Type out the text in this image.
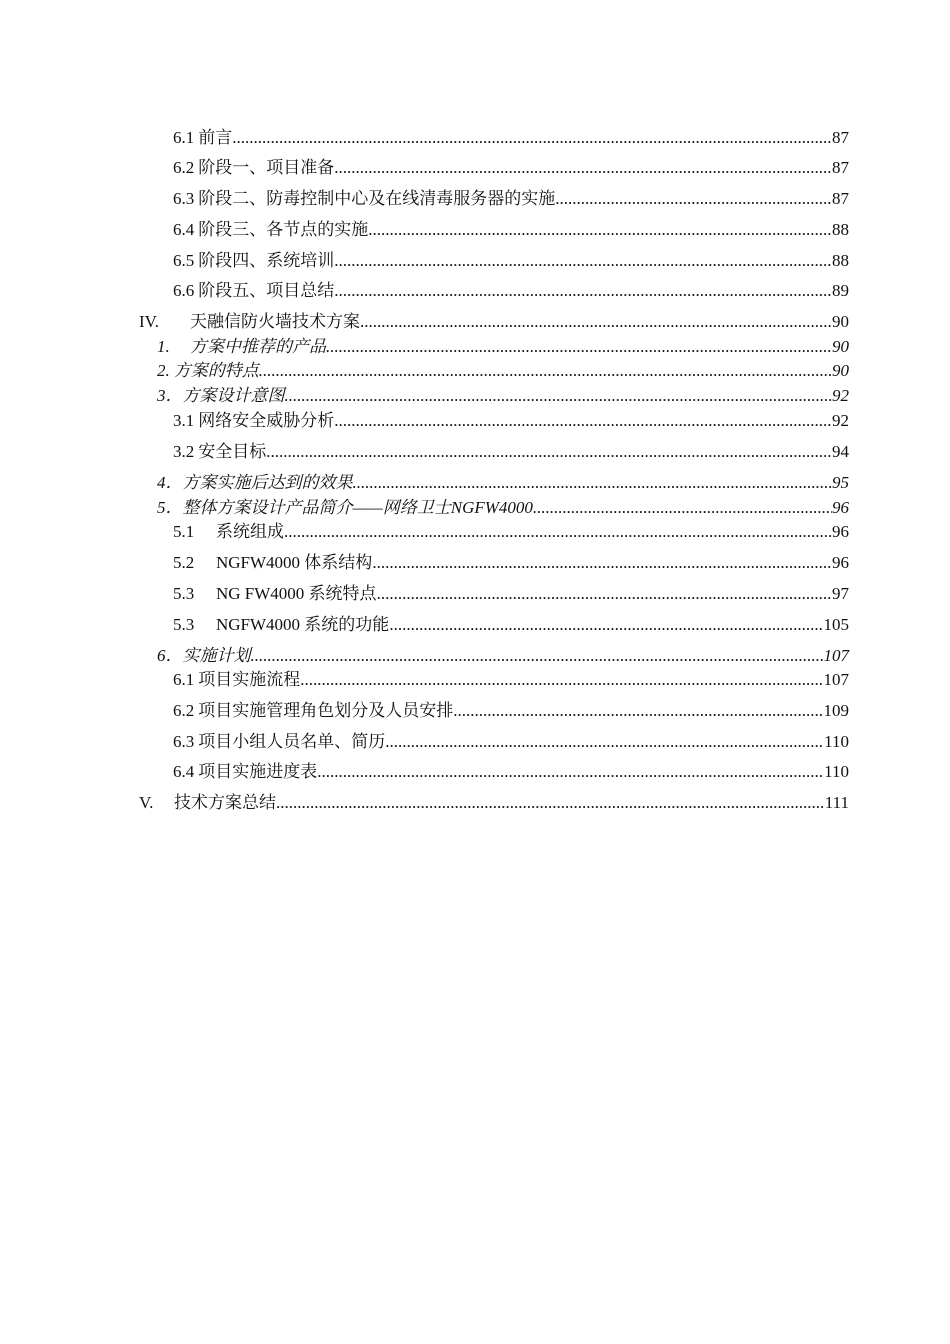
6.1 前言 .....	87
6.2 阶段一、项目准备 .....	87
6.3 阶段二、防毒控制中心及在线清毒服务器的实施 .....	87
6.4 阶段三、各节点的实施 .....	88
6.5 阶段四、系统培训 .....	88
6.6 阶段五、项目总结 .....	89
IV.	天融信防火墙技术方案 .....	90
1.	方案中推荐的产品 .....	90
2. 方案的特点 .....	90
3． 方案设计意图 .....	92
3.1 网络安全威胁分析 .....	92
3.2 安全目标 .....	94
4． 方案实施后达到的效果 .....	95
5． 整体方案设计产品简介——网络卫士NGFW4000 .....	96
5.1	系统组成 .....	96
5.2	NGFW4000 体系结构 .....	96
5.3	NG FW4000 系统特点 .....	97
5.3	NGFW4000 系统的功能 .....	105
6． 实施计划 .....	107
6.1 项目实施流程 .....	107
6.2 项目实施管理角色划分及人员安排 .....	109
6.3 项目小组人员名单、简历 .....	110
6.4 项目实施进度表 .....	110
V.	技术方案总结 .....	111
